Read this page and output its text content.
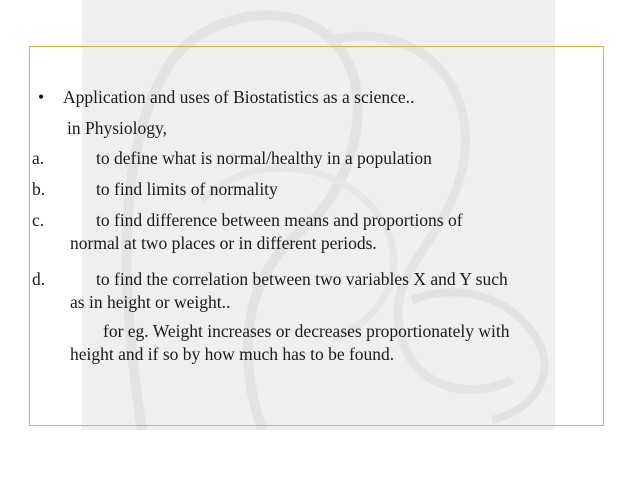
• Application and uses of Biostatistics as a science..
in Physiology,
a.	to define what is normal/healthy in a population
b.	to find limits of normality
c.	to find difference between means and proportions of
normal at two places or in different periods.
d.	to find the correlation between two variables X and Y such
as in height or weight..
for eg. Weight increases or decreases proportionately with
height and if so by how much has to be found.
